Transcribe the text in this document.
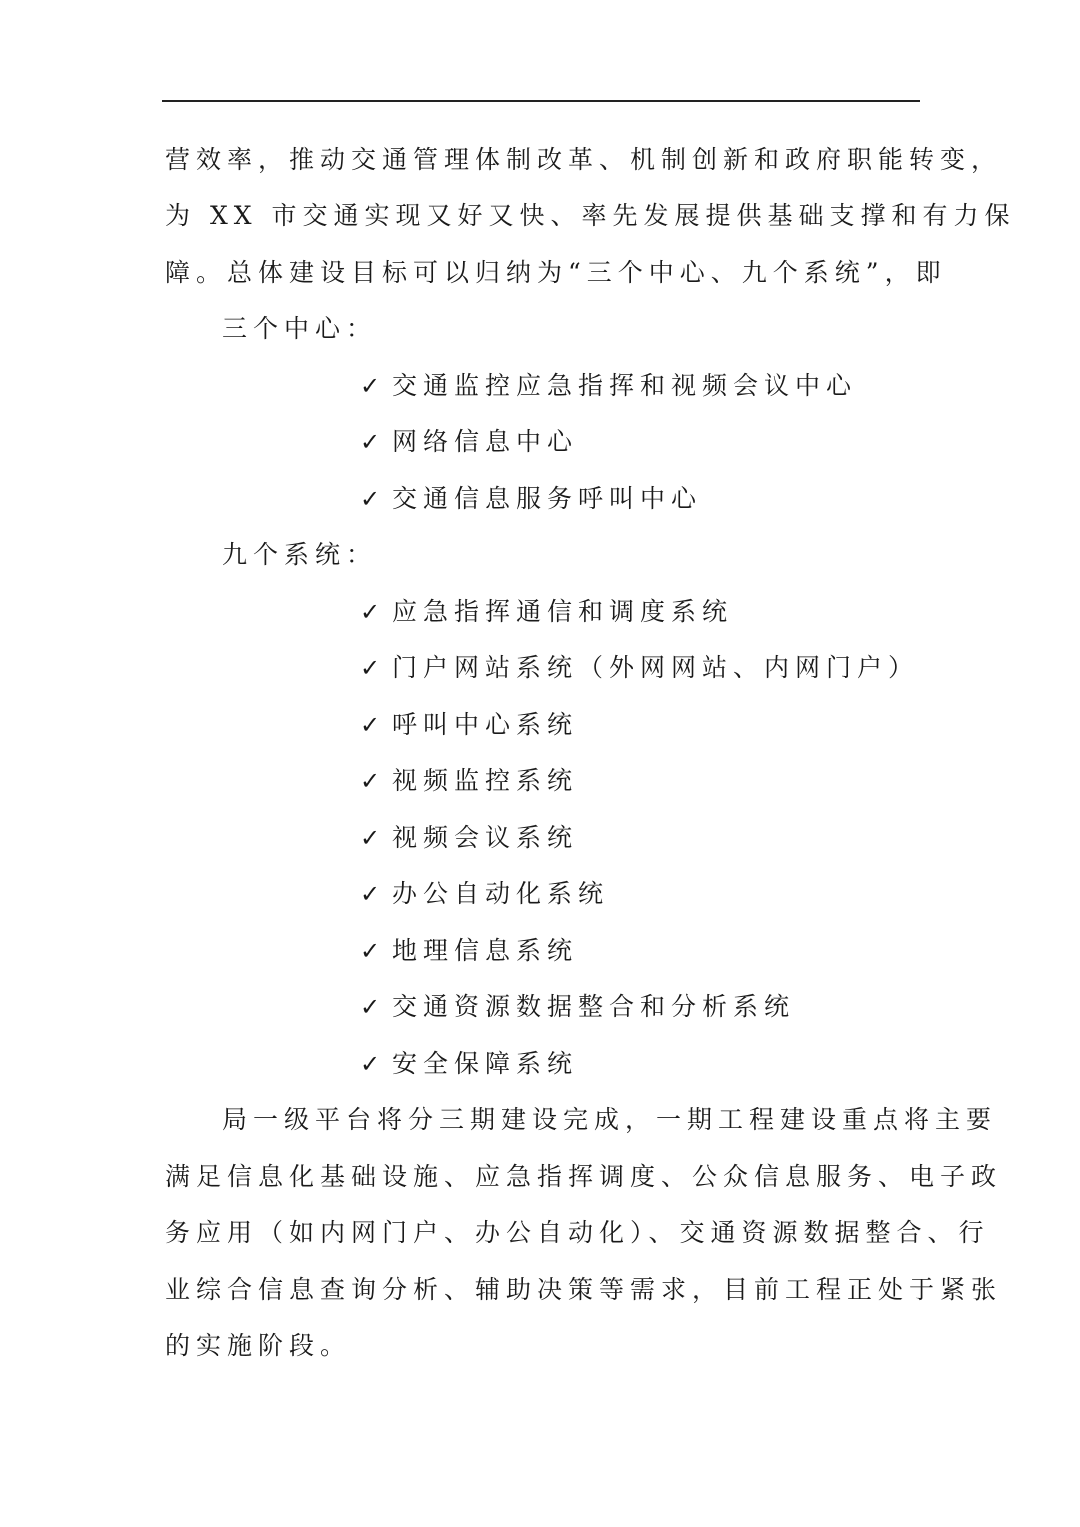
营效率，推动交通管理体制改革、机制创新和政府职能转变，
为 XX 市交通实现又好又快、率先发展提供基础支撑和有力保
障。总体建设目标可以归纳为“三个中心、九个系统”，即
三个中心：
✓ 交通监控应急指挥和视频会议中心
✓ 网络信息中心
✓ 交通信息服务呼叫中心
九个系统：
✓ 应急指挥通信和调度系统
✓ 门户网站系统（外网网站、内网门户）
✓ 呼叫中心系统
✓ 视频监控系统
✓ 视频会议系统
✓ 办公自动化系统
✓ 地理信息系统
✓ 交通资源数据整合和分析系统
✓ 安全保障系统
局一级平台将分三期建设完成，一期工程建设重点将主要
满足信息化基础设施、应急指挥调度、公众信息服务、电子政
务应用（如内网门户、办公自动化）、交通资源数据整合、行
业综合信息查询分析、辅助决策等需求，目前工程正处于紧张
的实施阶段。
